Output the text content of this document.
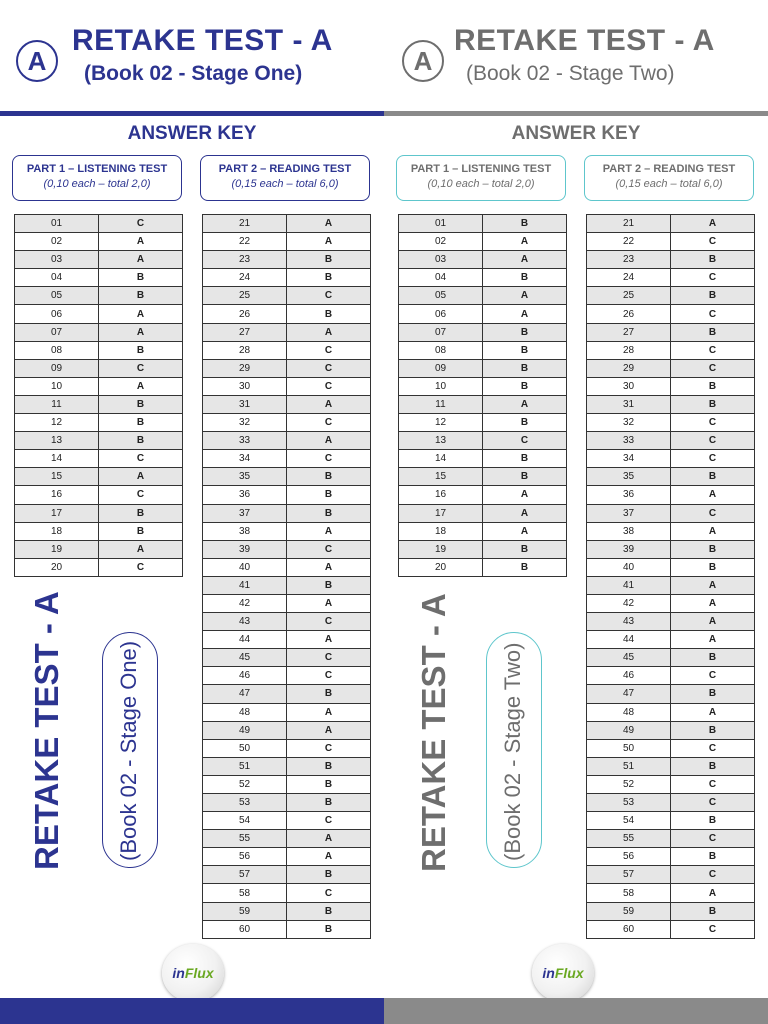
A
RETAKE TEST - A
(Book 02 - Stage One)
ANSWER KEY
PART 1 – LISTENING TEST
(0,10 each – total 2,0)
PART 2 – READING TEST
(0,15 each – total 6,0)
01	C
02	A
03	A
04	B
05	B
06	A
07	A
08	B
09	C
10	A
11	B
12	B
13	B
14	C
15	A
16	C
17	B
18	B
19	A
20	C
21	A
22	A
23	B
24	B
25	C
26	B
27	A
28	C
29	C
30	C
31	A
32	C
33	A
34	C
35	B
36	B
37	B
38	A
39	C
40	A
41	B
42	A
43	C
44	A
45	C
46	C
47	B
48	A
49	A
50	C
51	B
52	B
53	B
54	C
55	A
56	A
57	B
58	C
59	B
60	B
RETAKE TEST - A (Book 02 - Stage One)
inFlux
A
RETAKE TEST - A
(Book 02 - Stage Two)
ANSWER KEY
PART 1 – LISTENING TEST
(0,10 each – total 2,0)
PART 2 – READING TEST
(0,15 each – total 6,0)
01	B
02	A
03	A
04	B
05	A
06	A
07	B
08	B
09	B
10	B
11	A
12	B
13	C
14	B
15	B
16	A
17	A
18	A
19	B
20	B
21	A
22	C
23	B
24	C
25	B
26	C
27	B
28	C
29	C
30	B
31	B
32	C
33	C
34	C
35	B
36	A
37	C
38	A
39	B
40	B
41	A
42	A
43	A
44	A
45	B
46	C
47	B
48	A
49	B
50	C
51	B
52	C
53	C
54	B
55	C
56	B
57	C
58	A
59	B
60	C
RETAKE TEST - A (Book 02 - Stage Two)
inFlux
